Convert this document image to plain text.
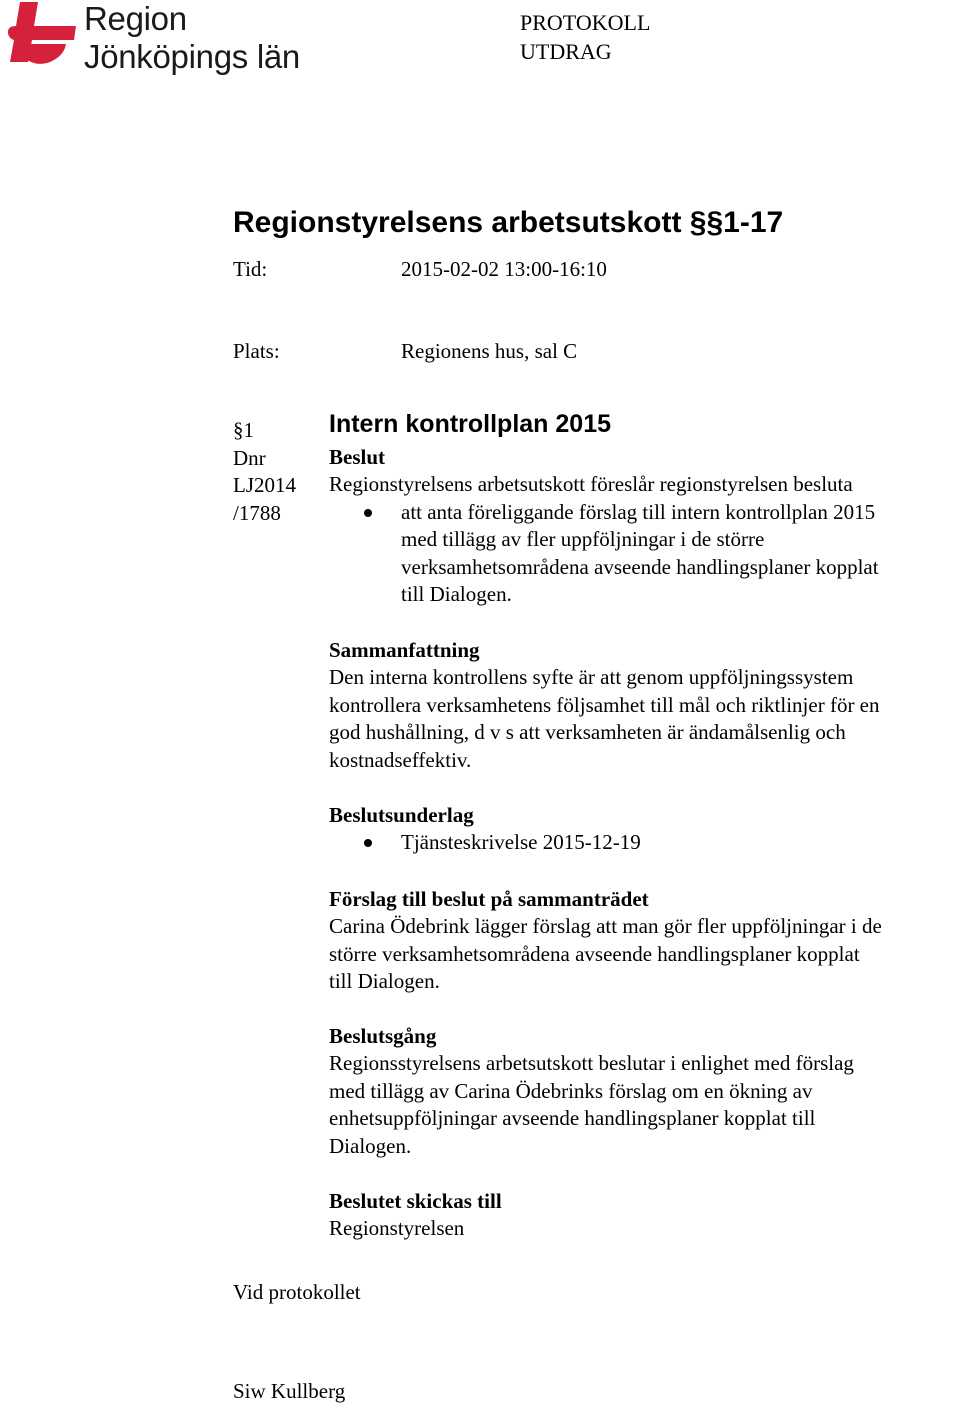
Region
Jönköpings län
PROTOKOLL
UTDRAG
Regionstyrelsens arbetsutskott §§1-17
Tid:	2015-02-02 13:00-16:10
Plats:	Regionens hus, sal C
§1
Dnr
LJ2014
/1788
Intern kontrollplan 2015
Beslut
Regionstyrelsens arbetsutskott föreslår regionstyrelsen besluta
att anta föreliggande förslag till intern kontrollplan 2015
med tillägg av fler uppföljningar i de större
verksamhetsområdena avseende handlingsplaner kopplat
till Dialogen.
Sammanfattning
Den interna kontrollens syfte är att genom uppföljningssystem
kontrollera verksamhetens följsamhet till mål och riktlinjer för en
god hushållning, d v s att verksamheten är ändamålsenlig och
kostnadseffektiv.
Beslutsunderlag
Tjänsteskrivelse 2015-12-19
Förslag till beslut på sammanträdet
Carina Ödebrink lägger förslag att man gör fler uppföljningar i de
större verksamhetsområdena avseende handlingsplaner kopplat
till Dialogen.
Beslutsgång
Regionsstyrelsens arbetsutskott beslutar i enlighet med förslag
med tillägg av Carina Ödebrinks förslag om en ökning av
enhetsuppföljningar avseende handlingsplaner kopplat till
Dialogen.
Beslutet skickas till
Regionstyrelsen
Vid protokollet
Siw Kullberg
